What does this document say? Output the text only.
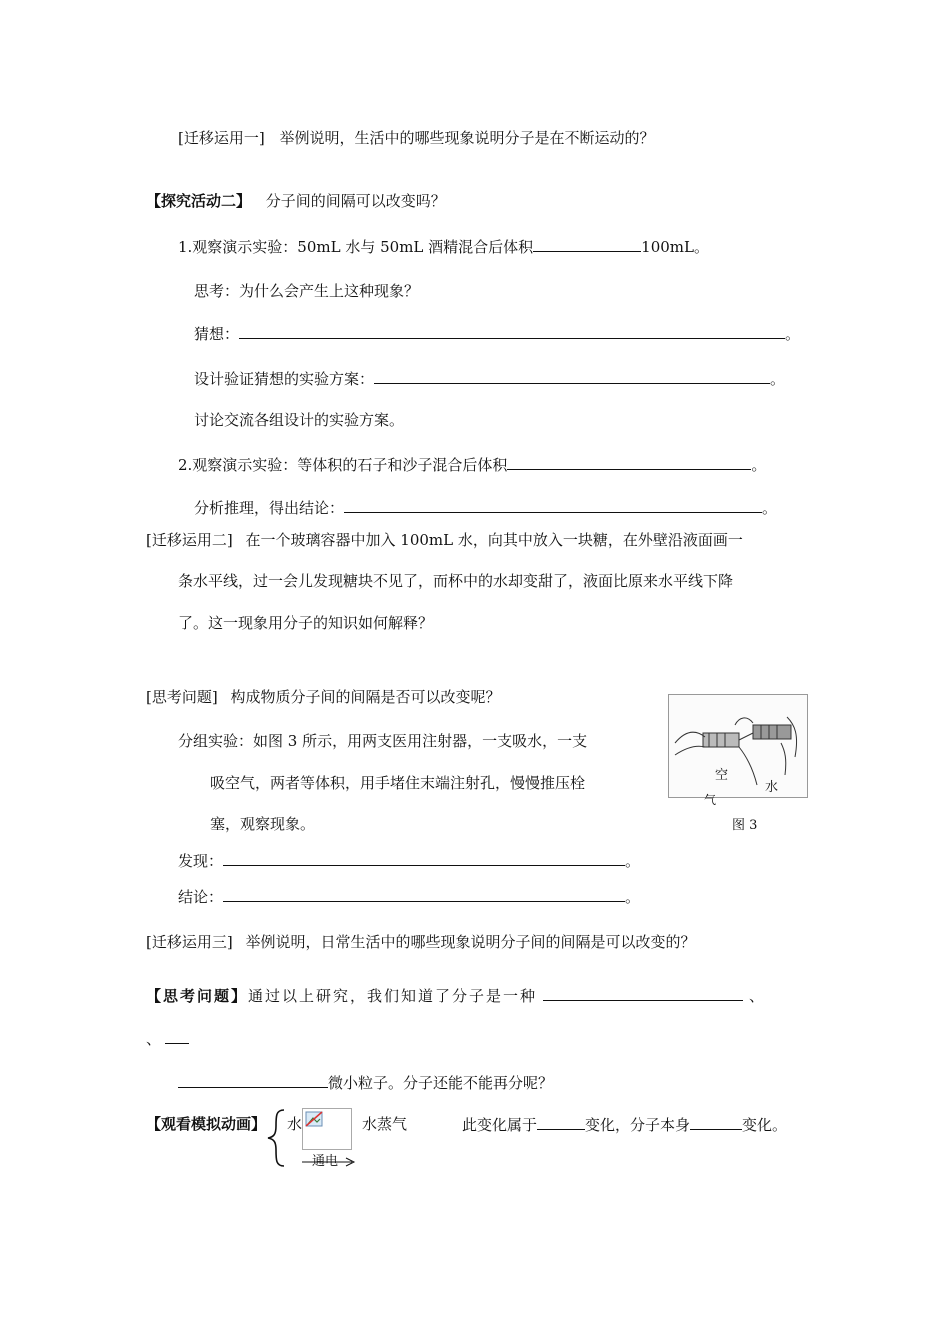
[迁移运用一] 举例说明，生活中的哪些现象说明分子是在不断运动的？
【探究活动二】 分子间的间隔可以改变吗？
1.观察演示实验：50mL 水与 50mL 酒精混合后体积	100mL。
思考：为什么会产生上这种现象？
猜想：	。
设计验证猜想的实验方案：	。
讨论交流各组设计的实验方案。
2.观察演示实验：等体积的石子和沙子混合后体积	。
分析推理，得出结论：	。
[迁移运用二] 在一个玻璃容器中加入 100mL 水，向其中放入一块糖，在外壁沿液面画一
条水平线，过一会儿发现糖块不见了，而杯中的水却变甜了，液面比原来水平线下降
了。这一现象用分子的知识如何解释？
[思考问题] 构成物质分子间的间隔是否可以改变呢？
分组实验：如图 3 所示，用两支医用注射器，一支吸水，一支
吸空气，两者等体积，用手堵住末端注射孔，慢慢推压栓
塞，观察现象。
发现：	。
结论：	。
空
水
气
图 3
[迁移运用三] 举例说明，日常生活中的哪些现象说明分子间的间隔是可以改变的？
【思考问题】通过以上研究，我们知道了分子是一种	、
、
微小粒子。分子还能不能再分呢？
【观看模拟动画】 水	水蒸气	此变化属于	变化，分子本身	变化。
通电
